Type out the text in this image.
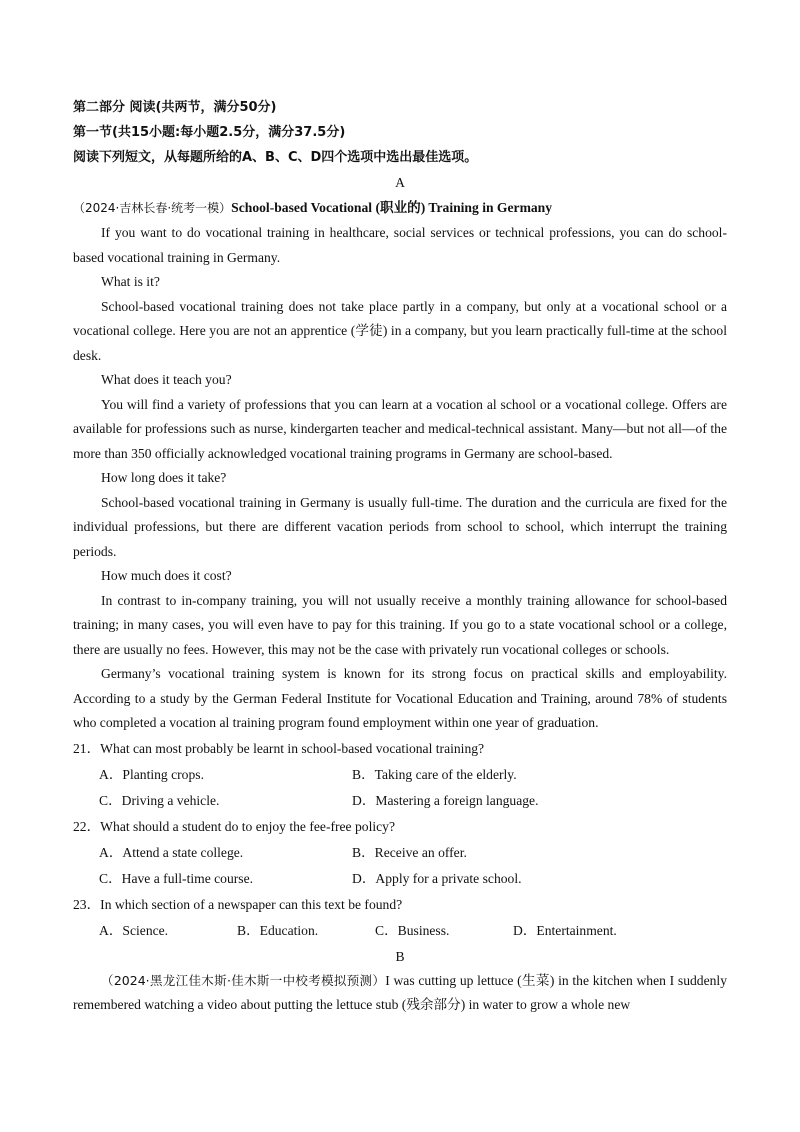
第二部分 阅读(共两节，满分50分)
第一节(共15小题:每小题2.5分，满分37.5分)
阅读下列短文，从每题所给的A、B、C、D四个选项中选出最佳选项。
A
（2024·吉林长春·统考一模）School-based Vocational (职业的) Training in Germany

If you want to do vocational training in healthcare, social services or technical professions, you can do school-based vocational training in Germany.

What is it?

School-based vocational training does not take place partly in a company, but only at a vocational school or a vocational college. Here you are not an apprentice (学徒) in a company, but you learn practically full-time at the school desk.

What does it teach you?

You will find a variety of professions that you can learn at a vocation al school or a vocational college. Offers are available for professions such as nurse, kindergarten teacher and medical-technical assistant. Many—but not all—of the more than 350 officially acknowledged vocational training programs in Germany are school-based.

How long does it take?

School-based vocational training in Germany is usually full-time. The duration and the curricula are fixed for the individual professions, but there are different vacation periods from school to school, which interrupt the training periods.

How much does it cost?

In contrast to in-company training, you will not usually receive a monthly training allowance for school-based training; in many cases, you will even have to pay for this training. If you go to a state vocational school or a college, there are usually no fees. However, this may not be the case with privately run vocational colleges or schools.

Germany’s vocational training system is known for its strong focus on practical skills and employability. According to a study by the German Federal Institute for Vocational Education and Training, around 78% of students who completed a vocation al training program found employment within one year of graduation.

21．What can most probably be learnt in school-based vocational training?

A．Planting crops.	B．Taking care of the elderly.
C．Driving a vehicle.	D．Mastering a foreign language.

22．What should a student do to enjoy the fee-free policy?

A．Attend a state college.	B．Receive an offer.
C．Have a full-time course.	D．Apply for a private school.

23．In which section of a newspaper can this text be found?

A．Science.	B．Education.	C．Business.	D．Entertainment.
B

（2024·黑龙江佳木斯·佳木斯一中校考模拟预测）I was cutting up lettuce (生菜) in the kitchen when I suddenly remembered watching a video about putting the lettuce stub (残余部分) in water to grow a whole new
